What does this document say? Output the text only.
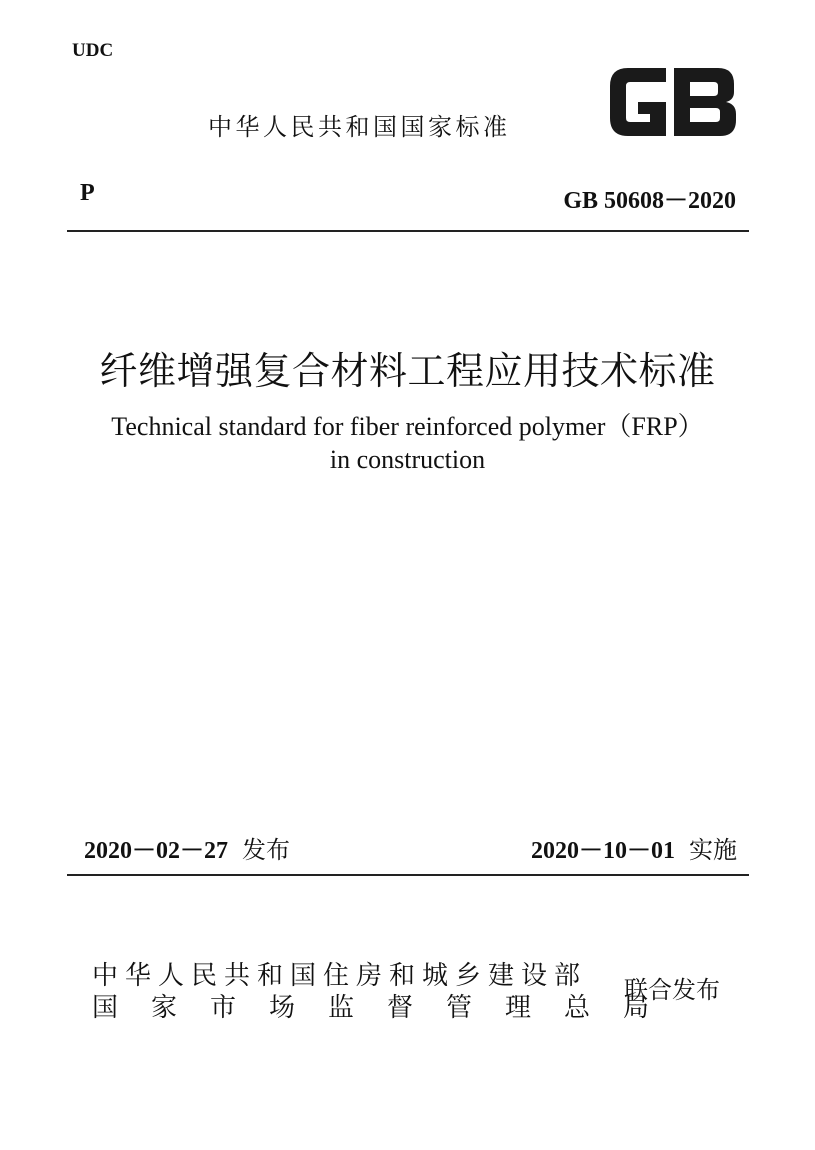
UDC
中华人民共和国国家标准
P	GB 50608－2020
纤维增强复合材料工程应用技术标准
Technical standard for fiber reinforced polymer（FRP）
in construction
2020－02－27 发布	2020－10－01 实施
中华人民共和国住房和城乡建设部
国家市场监督管理总局
联合发布
